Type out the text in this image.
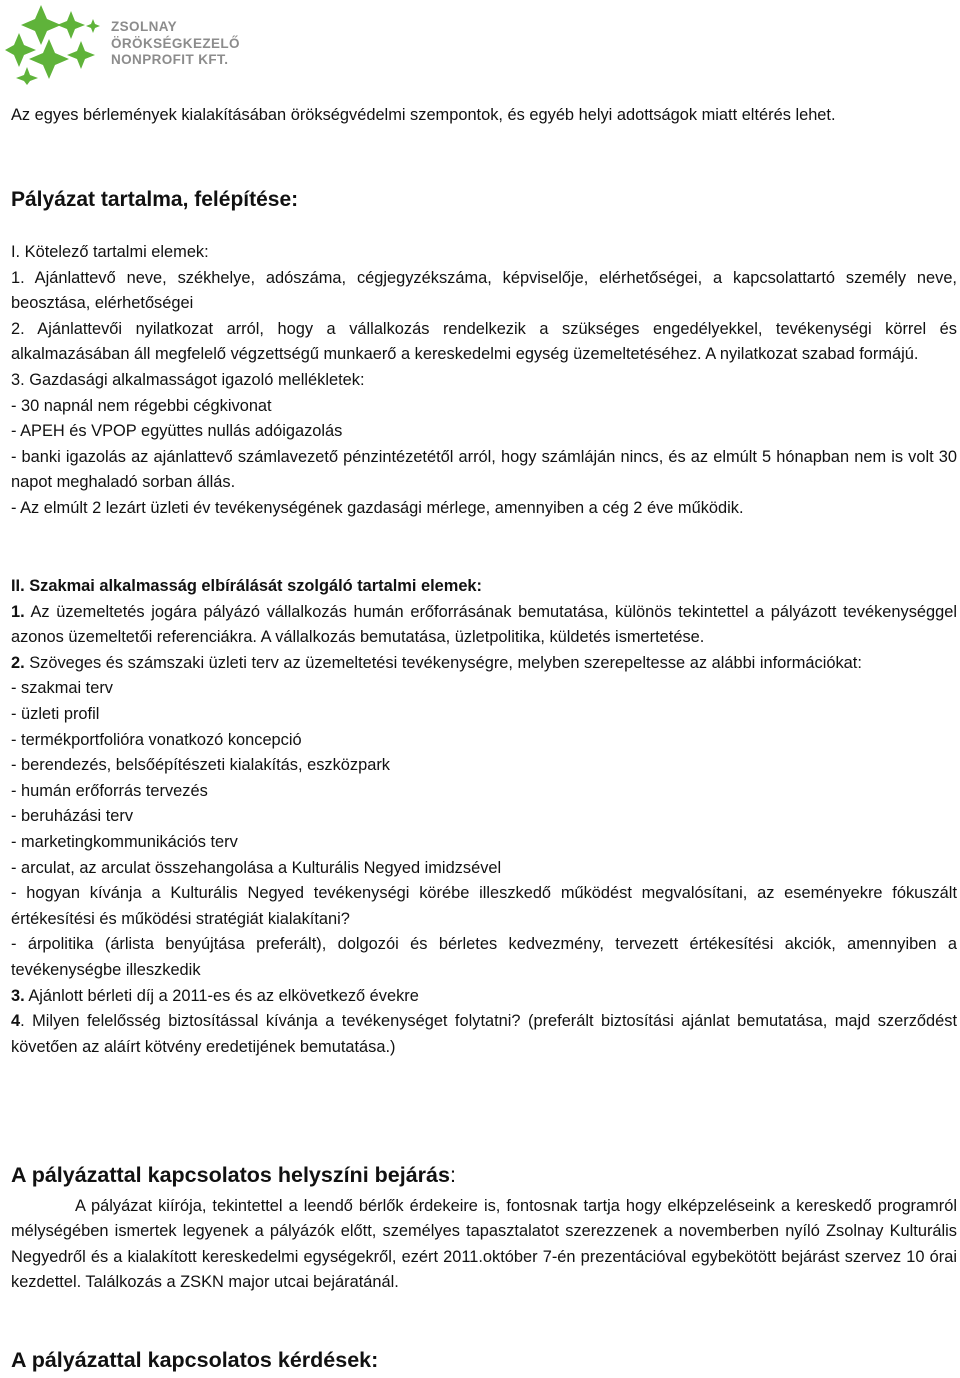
ZSOLNAY
ÖRÖKSÉGKEZELŐ
NONPROFIT KFT.

Az egyes bérlemények kialakításában örökségvédelmi szempontok, és egyéb helyi adottságok miatt eltérés lehet.

Pályázat tartalma, felépítése:

I. Kötelező tartalmi elemek:

1. Ajánlattevő neve, székhelye, adószáma, cégjegyzékszáma, képviselője, elérhetőségei, a kapcsolattartó személy neve, beosztása, elérhetőségei

2. Ajánlattevői nyilatkozat arról, hogy a vállalkozás rendelkezik a szükséges engedélyekkel, tevékenységi körrel és alkalmazásában áll megfelelő végzettségű munkaerő a kereskedelmi egység üzemeltetéséhez. A nyilatkozat szabad formájú.

3. Gazdasági alkalmasságot igazoló mellékletek:

- 30 napnál nem régebbi cégkivonat

- APEH és VPOP együttes nullás adóigazolás

- banki igazolás az ajánlattevő számlavezető pénzintézetétől arról, hogy számláján nincs, és az elmúlt 5 hónapban nem is volt 30 napot meghaladó sorban állás.

- Az elmúlt 2 lezárt üzleti év tevékenységének gazdasági mérlege, amennyiben a cég 2 éve működik.

II. Szakmai alkalmasság elbírálását szolgáló tartalmi elemek:

1. Az üzemeltetés jogára pályázó vállalkozás humán erőforrásának bemutatása, különös tekintettel a pályázott tevékenységgel azonos üzemeltetői referenciákra. A vállalkozás bemutatása, üzletpolitika, küldetés ismertetése.

2. Szöveges és számszaki üzleti terv az üzemeltetési tevékenységre, melyben szerepeltesse az alábbi információkat:

- szakmai terv

- üzleti profil

- termékportfolióra vonatkozó koncepció

- berendezés, belsőépítészeti kialakítás, eszközpark

- humán erőforrás tervezés

- beruházási terv

- marketingkommunikációs terv

- arculat, az arculat összehangolása a Kulturális Negyed imidzsével

- hogyan kívánja a Kulturális Negyed tevékenységi körébe illeszkedő működést megvalósítani, az eseményekre fókuszált értékesítési és működési stratégiát kialakítani?

- árpolitika (árlista benyújtása preferált), dolgozói és bérletes kedvezmény, tervezett értékesítési akciók, amennyiben a tevékenységbe illeszkedik

3. Ajánlott bérleti díj a 2011-es és az elkövetkező évekre

4. Milyen felelősség biztosítással kívánja a tevékenységet folytatni? (preferált biztosítási ajánlat bemutatása, majd szerződést követően az aláírt kötvény eredetijének bemutatása.)

A pályázattal kapcsolatos helyszíni bejárás:

A pályázat kiírója, tekintettel a leendő bérlők érdekeire is, fontosnak tartja hogy elképzeléseink a kereskedő programról mélységében ismertek legyenek a pályázók előtt, személyes tapasztalatot szerezzenek a novemberben nyíló Zsolnay Kulturális Negyedről és a kialakított kereskedelmi egységekről, ezért 2011.október 7-én prezentációval egybekötött bejárást szervez 10 órai kezdettel. Találkozás a ZSKN major utcai bejáratánál.

A pályázattal kapcsolatos kérdések:
